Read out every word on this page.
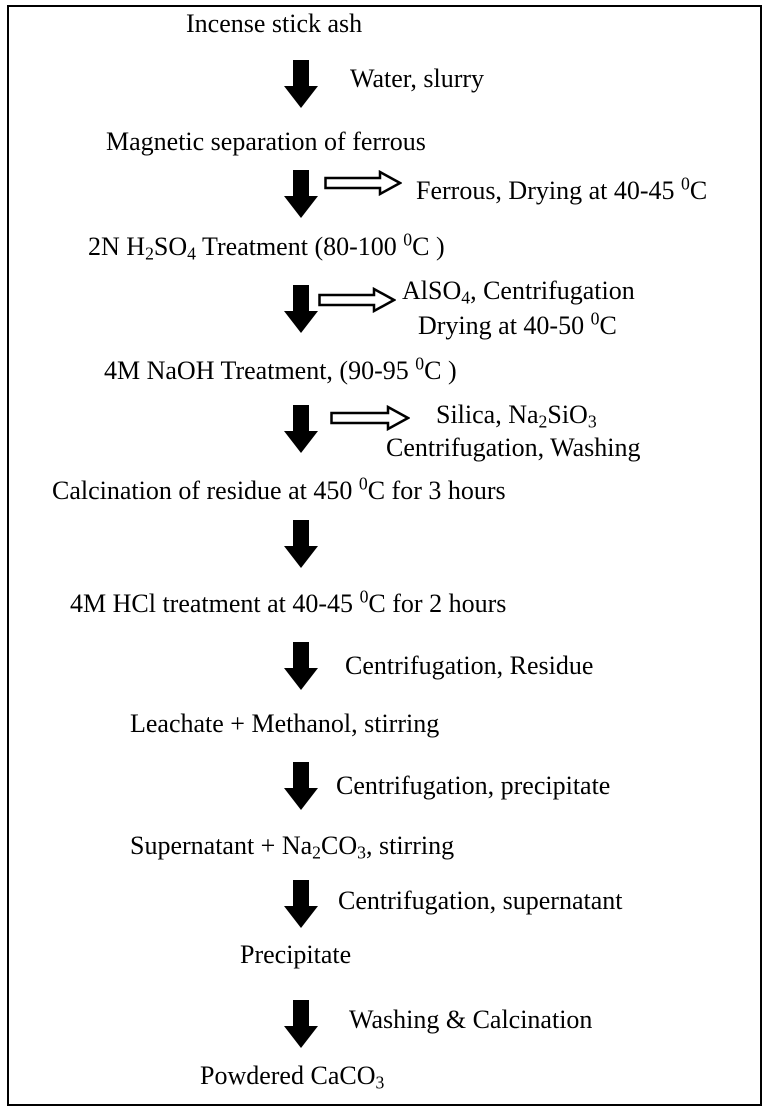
Incense stick ash
Magnetic separation of ferrous
2N $H_2SO_4$ Treatment (80-100 $^0$C )
4M NaOH Treatment, (90-95 $^0$C )
Calcination of residue at 450 $^0$C for 3 hours
4M HCl treatment at 40-45 $^0$C for 2 hours
Leachate + Methanol, stirring
Supernatant + $Na_2CO_3$, stirring
Precipitate
Powdered CaCO$_3$
Water, slurry
Ferrous, Drying at 40-45 $^0$C
AlSO$_4$, Centrifugation
Drying at 40-50 $^0$C
Silica, $Na_2SiO_3$
Centrifugation, Washing
Centrifugation, Residue
Centrifugation, precipitate
Centrifugation, supernatant
Washing & Calcination
